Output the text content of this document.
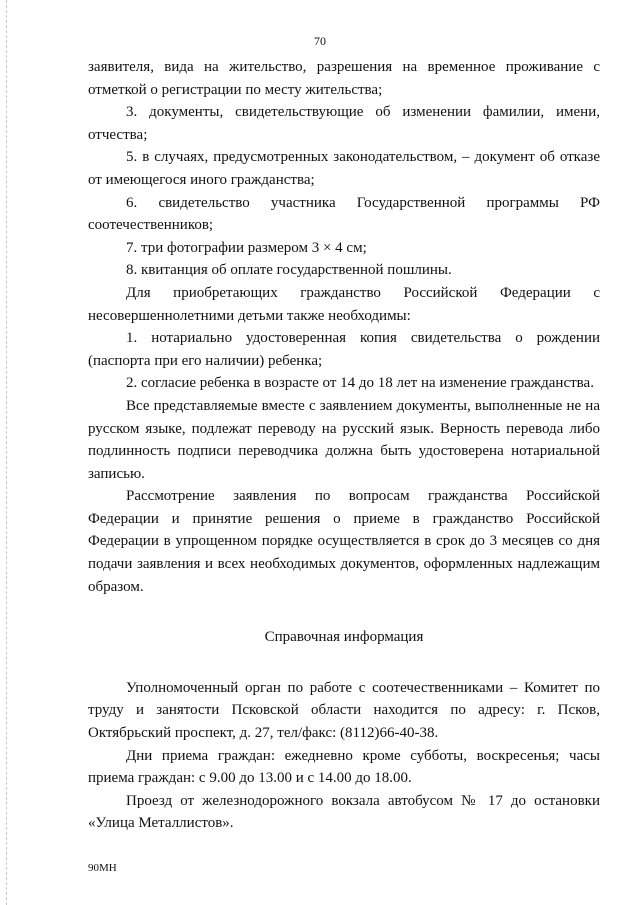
70

заявителя, вида на жительство, разрешения на временное проживание с отметкой о регистрации по месту жительства;

3. документы, свидетельствующие об изменении фамилии, имени, отчества;

5. в случаях, предусмотренных законодательством, – документ об отказе от имеющегося иного гражданства;

6. свидетельство участника Государственной программы РФ соотечественников;

7. три фотографии размером 3 × 4 см;

8. квитанция об оплате государственной пошлины.

Для приобретающих гражданство Российской Федерации с несовершеннолетними детьми также необходимы:

1. нотариально удостоверенная копия свидетельства о рождении (паспорта при его наличии) ребенка;

2. согласие ребенка в возрасте от 14 до 18 лет на изменение гражданства.

Все представляемые вместе с заявлением документы, выполненные не на русском языке, подлежат переводу на русский язык. Верность перевода либо подлинность подписи переводчика должна быть удостоверена нотариальной записью.

Рассмотрение заявления по вопросам гражданства Российской Федерации и принятие решения о приеме в гражданство Российской Федерации в упрощенном порядке осуществляется в срок до 3 месяцев со дня подачи заявления и всех необходимых документов, оформленных надлежащим образом.

Справочная информация

Уполномоченный орган по работе с соотечественниками – Комитет по труду и занятости Псковской области находится по адресу: г. Псков, Октябрьский проспект, д. 27, тел/факс: (8112)66-40-38.

Дни приема граждан: ежедневно кроме субботы, воскресенья; часы приема граждан: с 9.00 до 13.00 и с 14.00 до 18.00.

Проезд от железнодорожного вокзала автобусом № 17 до остановки «Улица Металлистов».

90МН
